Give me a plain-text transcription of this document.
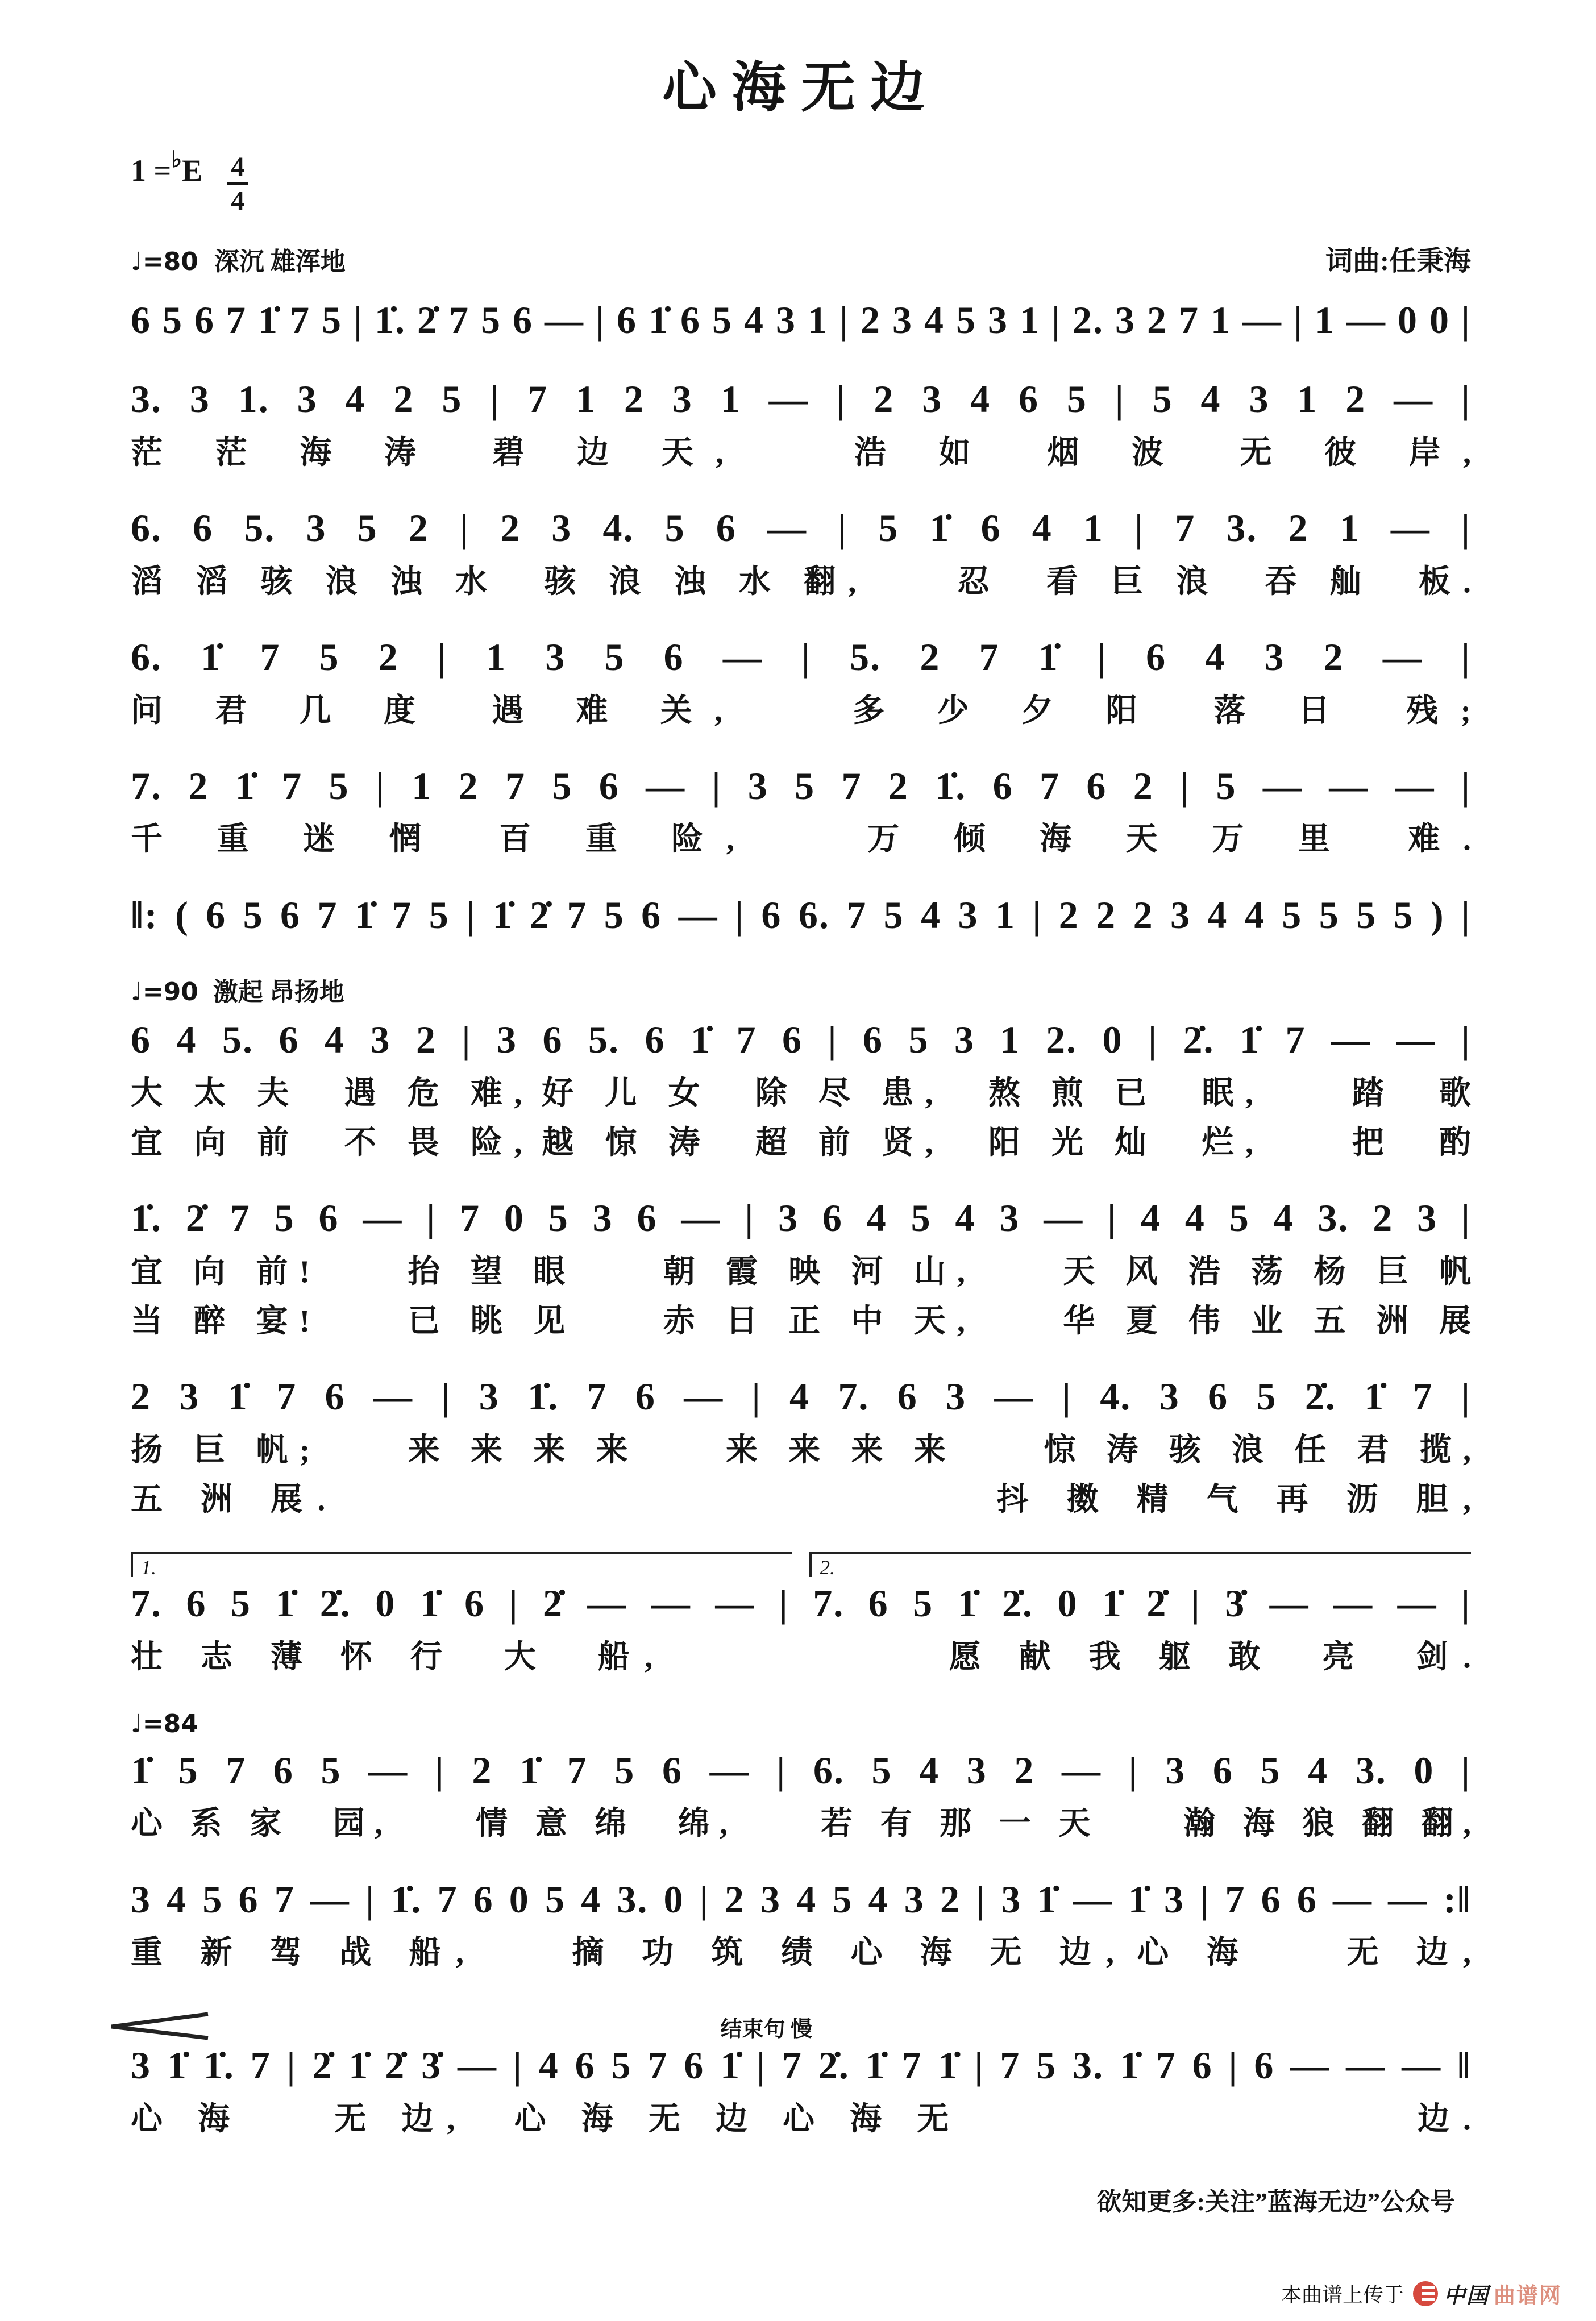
心海无边
1 =♭ E 4
4
♩=80 深沉 雄浑地	词曲:任秉海
6 5 6 7 1̇ 7 5 | 1̇. 2̇ 7 5 6 — | 6 1̇ 6 5 4 3 1 | 2 3 4 5 3 1 | 2. 3 2 7 1 — | 1 — 0 0 |
3. 3 1. 3 4 2 5 | 7 1 2 3 1 — | 2 3 4 6 5 | 5 4 3 1 2 — |
茫 茫 海 涛　碧 边 天,　　浩 如　烟 波　无 彼 岸,
6. 6 5. 3 5 2 | 2 3 4. 5 6 — | 5 1̇ 6 4 1 | 7 3. 2 1 — |
滔 滔 骇 浪 浊 水　骇 浪 浊 水 翻,　　忍　看 巨 浪　吞 舢　板.
6. 1̇ 7 5 2 | 1 3 5 6 — | 5. 2 7 1̇ | 6 4 3 2 — |
问 君 几 度　遇 难 关,　　多 少 夕 阳　落 日　残;
7. 2 1̇ 7 5 | 1 2 7 5 6 — | 3 5 7 2 1̇. 6 7 6 2 | 5 — — — |
千 重 迷 惘　百 重 险,　　万 倾 海 天 万 里　难.
‖: ( 6 5 6 7 1̇ 7 5 | 1̇ 2̇ 7 5 6 — | 6 6. 7 5 4 3 1 | 2 2 2 3 4 4 5 5 5 5 ) |
♩=90 激起 昂扬地
6 4 5. 6 4 3 2 | 3 6 5. 6 1̇ 7 6 | 6 5 3 1 2. 0 | 2̇. 1̇ 7 — — |
大 太 夫　遇 危 难, 好 儿 女　除 尽 患,　熬 煎 已　眠,　　踏　歌
宜 向 前　不 畏 险, 越 惊 涛　超 前 贤,　阳 光 灿　烂,　　把　酌
1̇. 2̇ 7 5 6 — | 7 0 5 3 6 — | 3 6 4 5 4 3 — | 4 4 5 4 3. 2 3 |
宜 向 前!　　抬 望 眼　　朝 霞 映 河 山,　　天 风 浩 荡 杨 巨 帆
当 醉 宴!　　已 眺 见　　赤 日 正 中 天,　　华 夏 伟 业 五 洲 展
2 3 1̇ 7 6 — | 3 1̇. 7 6 — | 4 7. 6 3 — | 4. 3 6 5 2̇. 1̇ 7 |
扬 巨 帆;　　来 来 来 来　　来 来 来 来　　惊 涛 骇 浪 任 君 揽,
五 洲 展.　　　　　　　　　　　　　　抖 擞 精 气 再 沥 胆,
1.	2.
7. 6 5 1̇ 2̇. 0 1̇ 6 | 2̇ — — — | 7. 6 5 1̇ 2̇. 0 1̇ 2̇ | 3̇ — — — |
壮 志 薄 怀 行　大　船,　　　　　　愿 献 我 躯 敢　亮　剑.
♩=84
1̇ 5 7 6 5 — | 2 1̇ 7 5 6 — | 6. 5 4 3 2 — | 3 6 5 4 3. 0 |
心 系 家　园,　　情 意 绵　绵,　　若 有 那 一 天　　瀚 海 狼 翻 翻,
3 4 5 6 7 — | 1̇. 7 6 0 5 4 3. 0 | 2 3 4 5 4 3 2 | 3 1̇ — 1̇ 3 | 7 6 6 — — :‖
重 新 驾 战 船,　　摘 功 筑 绩 心 海 无 边, 心 海　　无 边,
结束句 慢
3 1̇ 1̇. 7 | 2̇ 1̇ 2̇ 3̇ — | 4 6 5 7 6 1̇ | 7 2̇. 1̇ 7 1̇ | 7 5 3. 1̇ 7 6 | 6 — — — ‖
心 海　　无 边,　心 海 无 边 心 海 无　　　　　　　　　　边.
欲知更多:关注”蓝海无边”公众号
本曲谱上传于 中国 曲谱网
